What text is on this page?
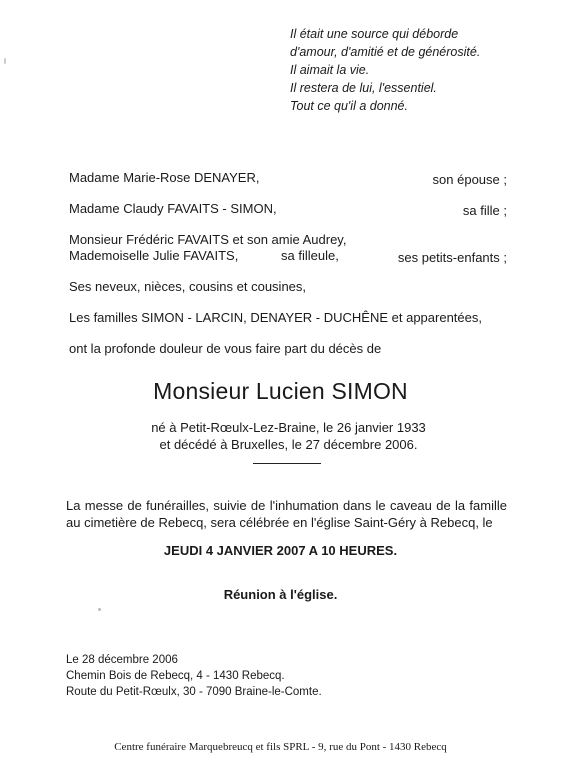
Il était une source qui déborde
d'amour, d'amitié et de générosité.
Il aimait la vie.
Il restera de lui, l'essentiel.
Tout ce qu'il a donné.
Madame Marie-Rose DENAYER,	son épouse ;
Madame Claudy FAVAITS - SIMON,	sa fille ;
Monsieur Frédéric FAVAITS et son amie Audrey,
Mademoiselle Julie FAVAITS,	sa filleule,	ses petits-enfants ;
Ses neveux, nièces, cousins et cousines,
Les familles SIMON - LARCIN, DENAYER - DUCHÊNE et apparentées,
ont la profonde douleur de vous faire part du décès de
Monsieur Lucien SIMON
né à Petit-Rœulx-Lez-Braine, le 26 janvier 1933
et décédé à Bruxelles, le 27 décembre 2006.
La messe de funérailles, suivie de l'inhumation dans le caveau de la famille au cimetière de Rebecq, sera célébrée en l'église Saint-Géry à Rebecq, le
JEUDI 4 JANVIER 2007 A 10 HEURES.
Réunion à l'église.
Le 28 décembre 2006
Chemin Bois de Rebecq, 4 - 1430 Rebecq.
Route du Petit-Rœulx, 30 - 7090 Braine-le-Comte.
Centre funéraire Marquebreucq et fils SPRL - 9, rue du Pont - 1430 Rebecq
